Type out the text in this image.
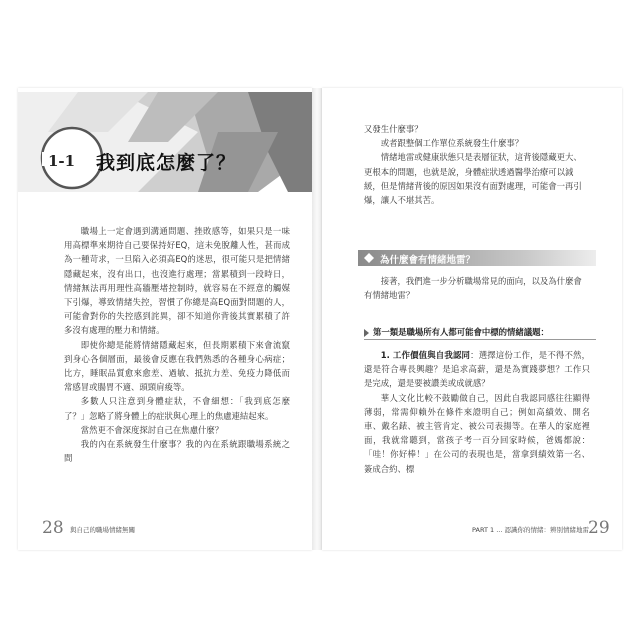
1-1 我到底怎麼了？

職場上一定會遇到溝通問題、挫敗感等，如果只是一味用高標準來期待自己要保持好EQ，這未免脫離人性，甚而成為一種苛求，一旦陷入必須高EQ的迷思，很可能只是把情緒隱藏起來，沒有出口，也沒進行處理；當累積到一段時日，情緒無法再用理性高牆壓堵控制時，就容易在不經意的觸媒下引爆，導致情緒失控，習慣了你總是高EQ面對問題的人，可能會對你的失控感到詫異，卻不知道你背後其實累積了許多沒有處理的壓力和情緒。

即使你總是能將情緒隱藏起來，但長期累積下來會流竄到身心各個層面，最後會反應在我們熟悉的各種身心病症；比方，睡眠品質愈來愈差、過敏、抵抗力差、免疫力降低而常感冒或腸胃不適、頭頸肩痠等。

多數人只注意到身體症狀，不會細想：「我到底怎麼了？」忽略了將身體上的症狀與心理上的焦慮連結起來。

當然更不會深度探討自己在焦慮什麼？

我的內在系統發生什麼事？我的內在系統跟職場系統之間

28 與自己的職場情緒無關

又發生什麼事？

或者跟整個工作單位系統發生什麼事？

情緒地雷或健康狀態只是表層征狀，這背後隱藏更大、更根本的問題，也就是說，身體症狀透過醫學治療可以減緩，但是情緒背後的原因如果沒有面對處理，可能會一再引爆，讓人不堪其苦。

為什麼會有情緒地雷？

接著，我們進一步分析職場常見的面向，以及為什麼會有情緒地雷？

第一類是職場所有人都可能會中標的情緒議題：

1. 工作價值與自我認同：選擇這份工作，是不得不然，還是符合專長興趣？是追求高薪，還是為實踐夢想？工作只是完成，還是要被讚美或成就感？

華人文化比較不鼓勵做自己，因此自我認同感往往顯得薄弱，常需仰賴外在條件來證明自己；例如高績效、開名車、戴名錶、被主管肯定、被公司表揚等。在華人的家庭裡面，我就常聽到，當孩子考一百分回家時候，爸媽都說：「哇！你好棒！」在公司的表現也是，當拿到績效第一名、簽成合約、標

PART 1 ... 認識你的情緒：辨別情緒地雷 29
